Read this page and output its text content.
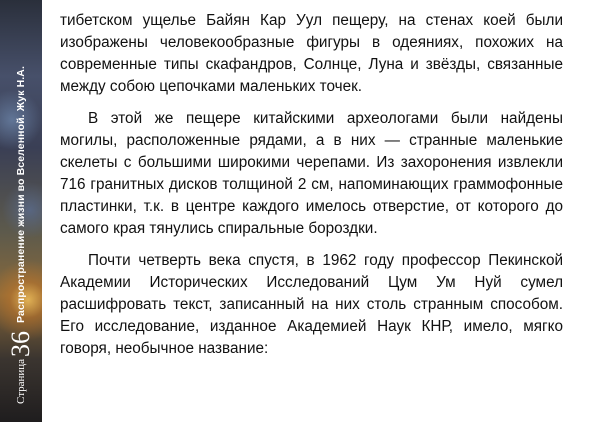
Страница
36
Распространение жизни во Вселенной. Жук Н.А.

тибетском ущелье Байян Кар Уул пещеру, на стенах коей были изображены человекообразные фигуры в одеяниях, похожих на современные типы скафандров, Солнце, Луна и звёзды, связанные между собою цепочками маленьких точек.

В этой же пещере китайскими археологами были найдены могилы, расположенные рядами, а в них — странные маленькие скелеты с большими широкими черепами. Из захоронения извлекли 716 гранитных дисков толщиной 2 см, напоминающих граммофонные пластинки, т.к. в центре каждого имелось отверстие, от которого до самого края тянулись спиральные бороздки.

Почти четверть века спустя, в 1962 году профессор Пекинской Академии Исторических Исследований Цум Ум Нуй сумел расшифровать текст, записанный на них столь странным способом. Его исследование, изданное Академией Наук КНР, имело, мягко говоря, необычное название:
